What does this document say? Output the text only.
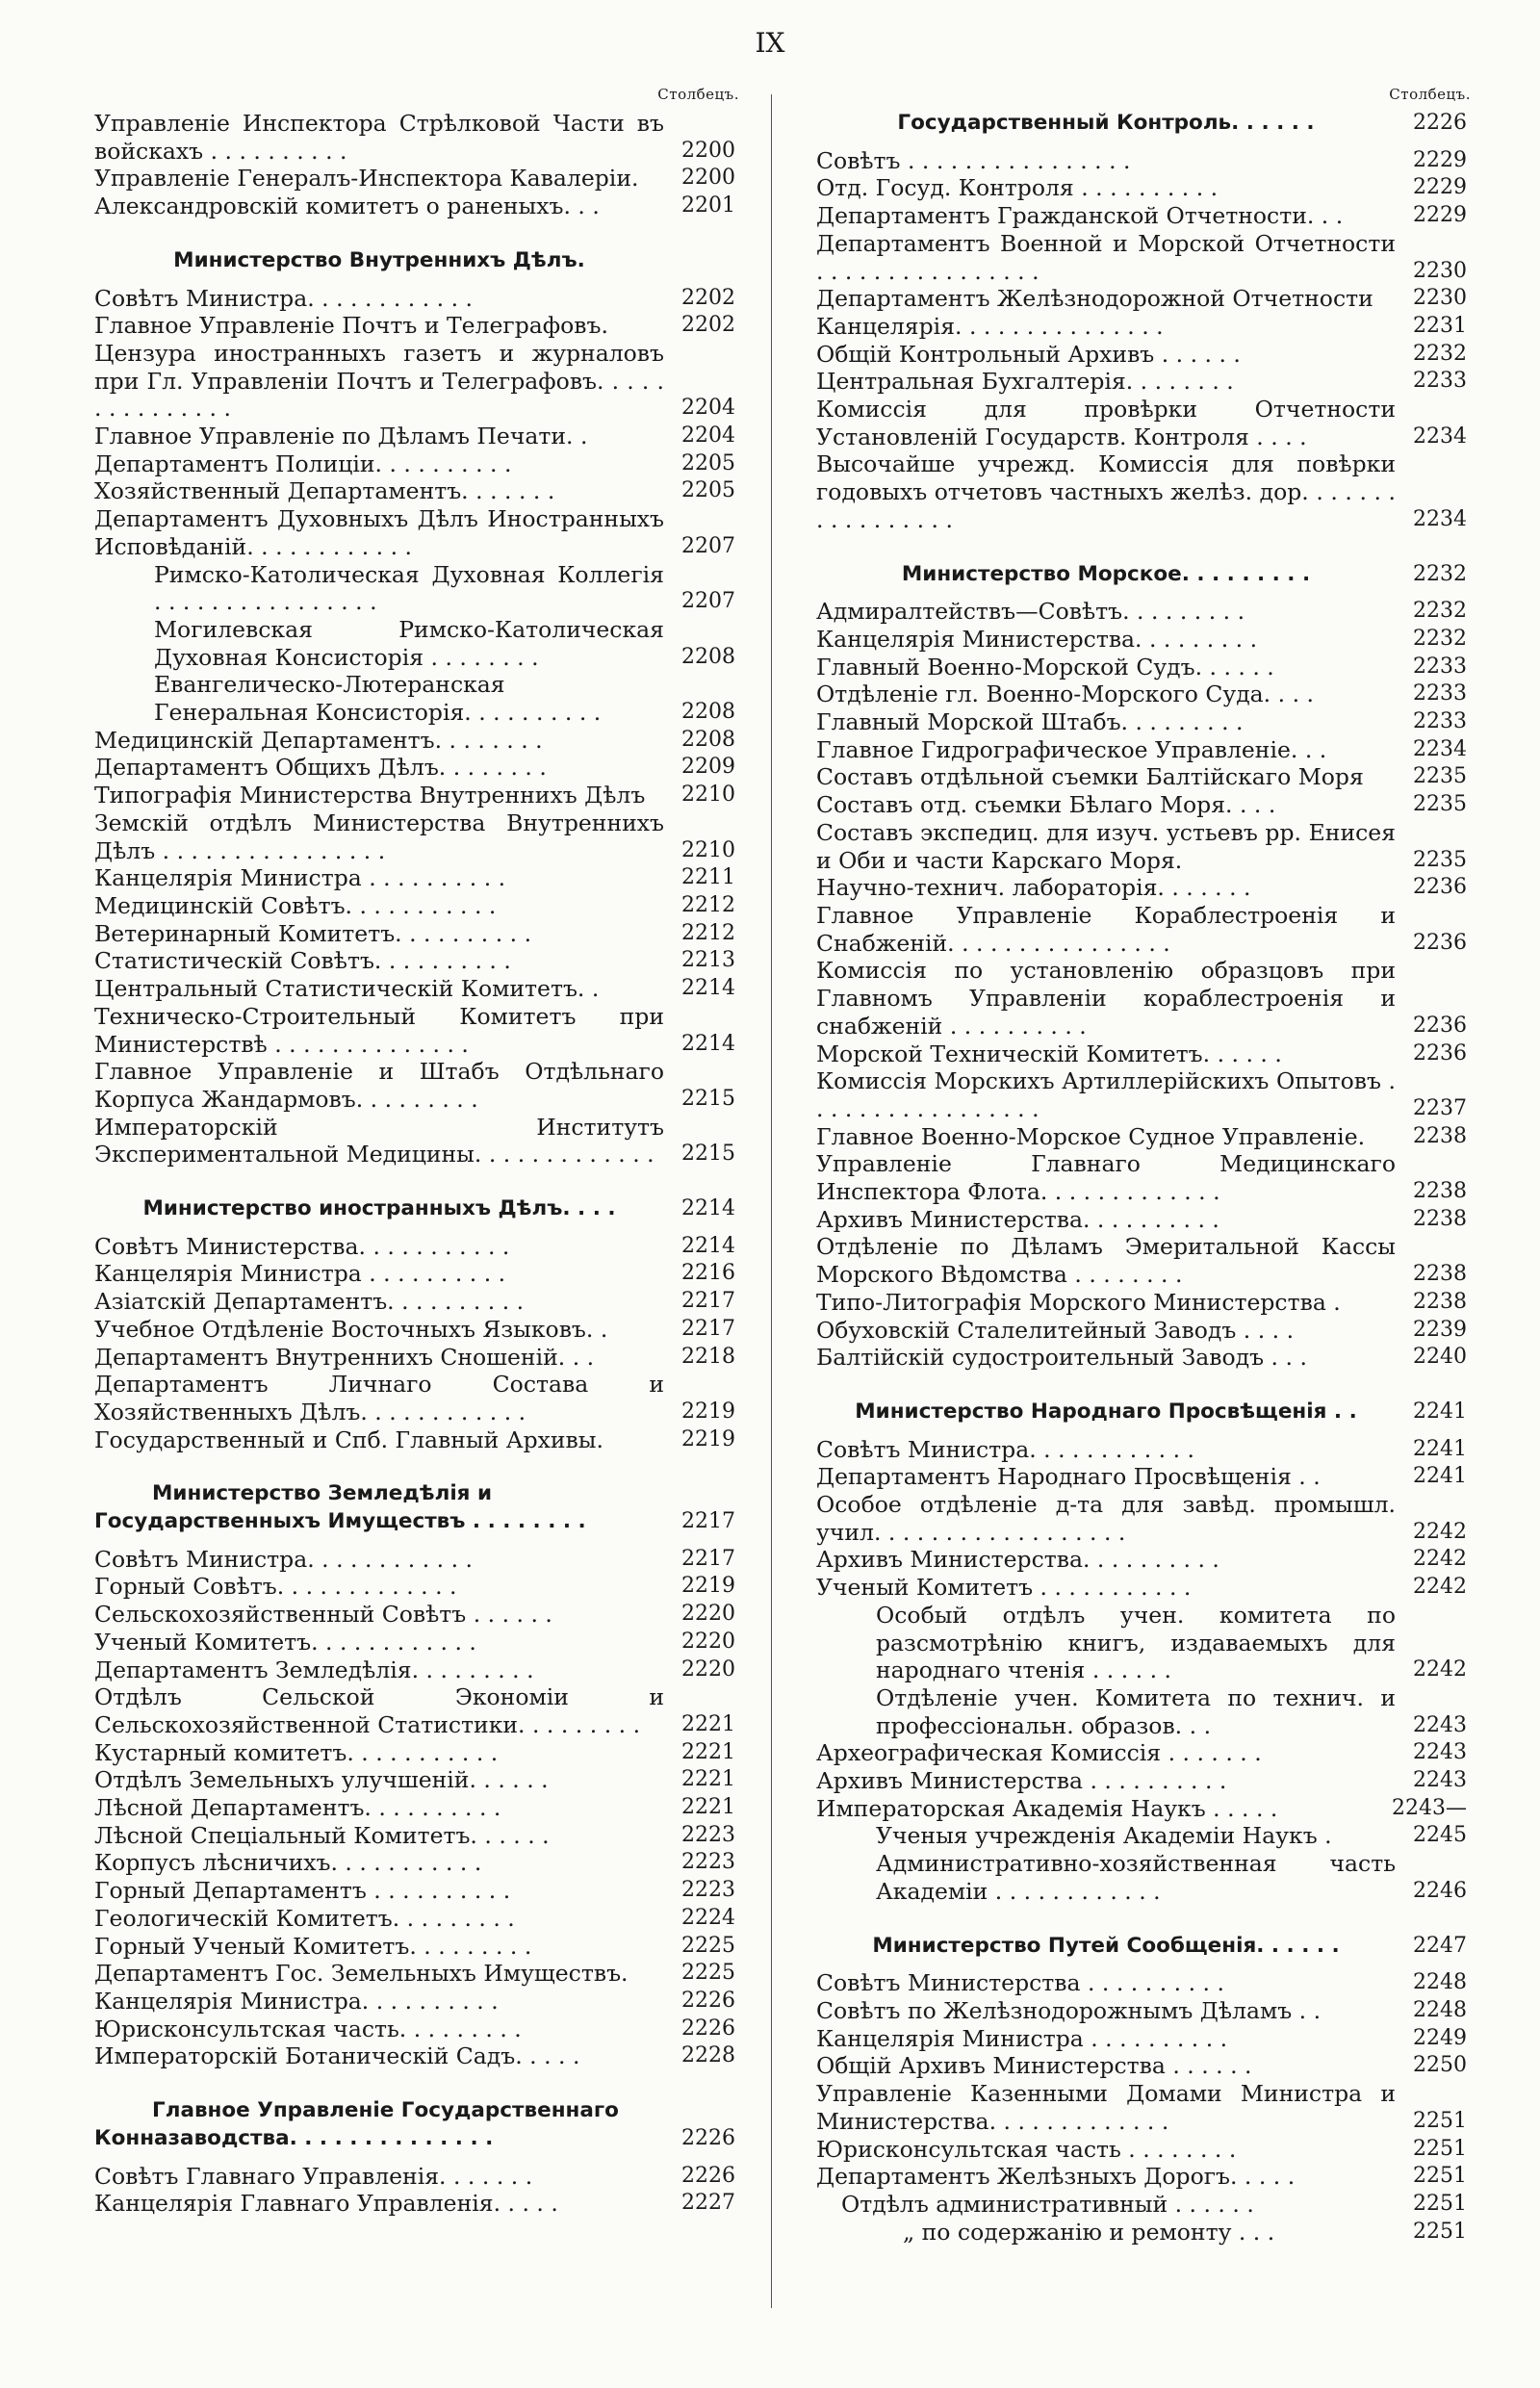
IX
Столбецъ.
Управленіе Инспектора Стрѣлковой Части въ войскахъ . . . . . . . . . .	2200
Управленіе Генералъ-Инспектора Кавалеріи. 2200
Александровскій комитетъ о раненыхъ. . .	2201
Министерство Внутреннихъ Дѣлъ.
Совѣтъ Министра. . . . . . . . . . . .	2202
Главное Управленіе Почтъ и Телеграфовъ.	2202
Цензура иностранныхъ газетъ и журналовъ при Гл. Управленіи Почтъ и Телеграфовъ. . . . . . . . . . . . . . .	2204
Главное Управленіе по Дѣламъ Печати. .	2204
Департаментъ Полиціи. . . . . . . . . .	2205
Хозяйственный Департаментъ. . . . . . .	2205
Департаментъ Духовныхъ Дѣлъ Иностранныхъ Исповѣданій. . . . . . . . . . . .	2207
Римско-Католическая Духовная Коллегія . . . . . . . . . . . . . . . .	2207
Могилевская Римско-Католическая Духовная Консисторія . . . . . . . .	2208
Евангелическо-Лютеранская Генеральная Консисторія. . . . . . . . . .	2208
Медицинскій Департаментъ. . . . . . . .	2208
Департаментъ Общихъ Дѣлъ. . . . . . . .	2209
Типографія Министерства Внутреннихъ Дѣлъ 2210
Земскій отдѣлъ Министерства Внутреннихъ Дѣлъ . . . . . . . . . . . . . . . .	2210
Канцелярія Министра . . . . . . . . . .	2211
Медицинскій Совѣтъ. . . . . . . . . . .	2212
Ветеринарный Комитетъ. . . . . . . . . .	2212
Статистическій Совѣтъ. . . . . . . . . .	2213
Центральный Статистическій Комитетъ. .	2214
Техническо-Строительный Комитетъ при Министерствѣ . . . . . . . . . . . . . .	2214
Главное Управленіе и Штабъ Отдѣльнаго Корпуса Жандармовъ. . . . . . . . .	2215
Императорскій Институтъ Экспериментальной Медицины. . . . . . . . . . . . . 2215
Министерство иностранныхъ Дѣлъ. . . .	2214
Совѣтъ Министерства. . . . . . . . . . .	2214
Канцелярія Министра . . . . . . . . . .	2216
Азіатскій Департаментъ. . . . . . . . . .	2217
Учебное Отдѣленіе Восточныхъ Языковъ. .	2217
Департаментъ Внутреннихъ Сношеній. . .	2218
Департаментъ Личнаго Состава и Хозяйственныхъ Дѣлъ. . . . . . . . . . . .	2219
Государственный и Спб. Главный Архивы.	2219
Министерство Земледѣлія и Государственныхъ Имуществъ . . . . . . . .	2217
Совѣтъ Министра. . . . . . . . . . . .	2217
Горный Совѣтъ. . . . . . . . . . . . .	2219
Сельскохозяйственный Совѣтъ . . . . . .	2220
Ученый Комитетъ. . . . . . . . . . . .	2220
Департаментъ Земледѣлія. . . . . . . . .	2220
Отдѣлъ Сельской Экономіи и Сельскохозяйственной Статистики. . . . . . . . . 2221
Кустарный комитетъ. . . . . . . . . . .	2221
Отдѣлъ Земельныхъ улучшеній. . . . . .	2221
Лѣсной Департаментъ. . . . . . . . . .	2221
Лѣсной Спеціальный Комитетъ. . . . . .	2223
Корпусъ лѣсничихъ. . . . . . . . . . .	2223
Горный Департаментъ . . . . . . . . . .	2223
Геологическій Комитетъ. . . . . . . . .	2224
Горный Ученый Комитетъ. . . . . . . . .	2225
Департаментъ Гос. Земельныхъ Имуществъ.	2225
Канцелярія Министра. . . . . . . . . .	2226
Юрисконсультская часть. . . . . . . . .	2226
Императорскій Ботаническій Садъ. . . . .	2228
Главное Управленіе Государственнаго Конназаводства. . . . . . . . . . . . . .	2226
Совѣтъ Главнаго Управленія. . . . . . .	2226
Канцелярія Главнаго Управленія. . . . .	2227
Столбецъ.
Государственный Контроль. . . . . .	2226
Совѣтъ . . . . . . . . . . . . . . . .	2229
Отд. Госуд. Контроля . . . . . . . . . .	2229
Департаментъ Гражданской Отчетности. . .	2229
Департаментъ Военной и Морской Отчетности . . . . . . . . . . . . . . . .	2230
Департаментъ Желѣзнодорожной Отчетности 2230
Канцелярія. . . . . . . . . . . . . . .	2231
Общій Контрольный Архивъ . . . . . .	2232
Центральная Бухгалтерія. . . . . . . .	2233
Комиссія для провѣрки Отчетности Установленій Государств. Контроля . . . .	2234
Высочайше учрежд. Комиссія для повѣрки годовыхъ отчетовъ частныхъ желѣз. дор. . . . . . . . . . . . . . . . .	2234
Министерство Морское. . . . . . . . .	2232
Адмиралтействъ—Совѣтъ. . . . . . . . .	2232
Канцелярія Министерства. . . . . . . . .	2232
Главный Военно-Морской Судъ. . . . . .	2233
Отдѣленіе гл. Военно-Морского Суда. . . .	2233
Главный Морской Штабъ. . . . . . . . .	2233
Главное Гидрографическое Управленіе. . .	2234
Составъ отдѣльной съемки Балтійскаго Моря 2235
Составъ отд. съемки Бѣлаго Моря. . . .	2235
Составъ экспедиц. для изуч. устьевъ рр. Енисея и Оби и части Карскаго Моря.	2235
Научно-технич. лабораторія. . . . . . .	2236
Главное Управленіе Кораблестроенія и Снабженій. . . . . . . . . . . . . . . .	2236
Комиссія по установленію образцовъ при Главномъ Управленіи кораблестроенія и снабженій . . . . . . . . . .	2236
Морской Техническій Комитетъ. . . . . .	2236
Комиссія Морскихъ Артиллерійскихъ Опытовъ . . . . . . . . . . . . . . . . .	2237
Главное Военно-Морское Судное Управленіе. 2238
Управленіе Главнаго Медицинскаго Инспектора Флота. . . . . . . . . . . . .	2238
Архивъ Министерства. . . . . . . . . .	2238
Отдѣленіе по Дѣламъ Эмеритальной Кассы Морского Вѣдомства . . . . . . . .	2238
Типо-Литографія Морского Министерства .	2238
Обуховскій Сталелитейный Заводъ . . . .	2239
Балтійскій судостроительный Заводъ . . .	2240
Министерство Народнаго Просвѣщенія . .	2241
Совѣтъ Министра. . . . . . . . . . . .	2241
Департаментъ Народнаго Просвѣщенія . .	2241
Особое отдѣленіе д-та для завѣд. промышл. учил. . . . . . . . . . . . . . . . . .	2242
Архивъ Министерства. . . . . . . . . .	2242
Ученый Комитетъ . . . . . . . . . . .	2242
Особый отдѣлъ учен. комитета по разсмотрѣнію книгъ, издаваемыхъ для народнаго чтенія . . . . . .	2242
Отдѣленіе учен. Комитета по технич. и профессіональн. образов. . .	2243
Археографическая Комиссія . . . . . . .	2243
Архивъ Министерства . . . . . . . . . .	2243
Императорская Академія Наукъ . . . . .	2243—
Ученыя учрежденія Академіи Наукъ .	2245
Административно-хозяйственная часть Академіи . . . . . . . . . . . .	2246
Министерство Путей Сообщенія. . . . . .	2247
Совѣтъ Министерства . . . . . . . . . .	2248
Совѣтъ по Желѣзнодорожнымъ Дѣламъ . .	2248
Канцелярія Министра . . . . . . . . . .	2249
Общій Архивъ Министерства . . . . . .	2250
Управленіе Казенными Домами Министра и Министерства. . . . . . . . . . . . .	2251
Юрисконсультская часть . . . . . . . .	2251
Департаментъ Желѣзныхъ Дорогъ. . . . .	2251
Отдѣлъ административный . . . . . .	2251
„ по содержанію и ремонту . . .	2251
